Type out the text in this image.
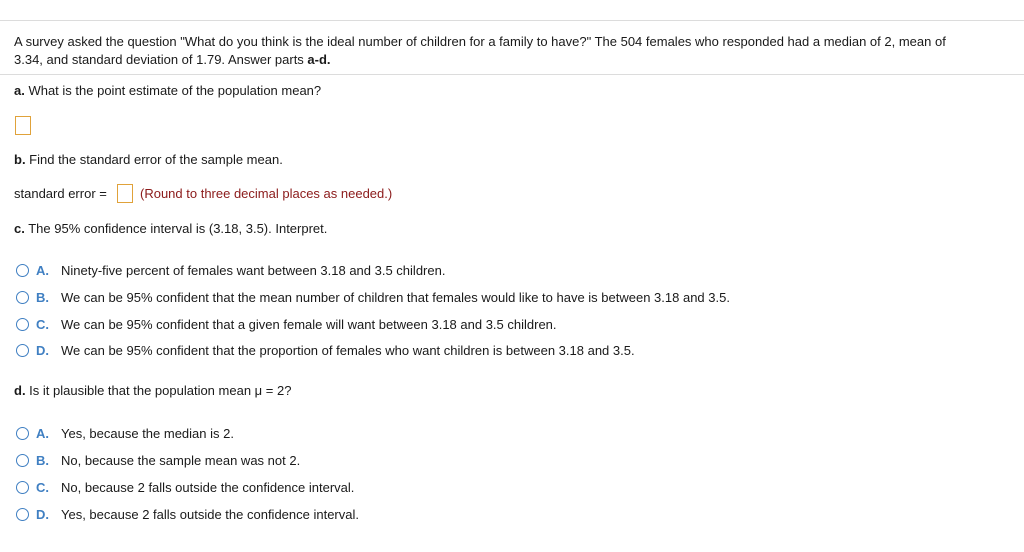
A survey asked the question "What do you think is the ideal number of children for a family to have?" The 504 females who responded had a median of 2, mean of
3.34, and standard deviation of 1.79. Answer parts a-d.
a. What is the point estimate of the population mean?
b. Find the standard error of the sample mean.
standard error =	(Round to three decimal places as needed.)
c. The 95% confidence interval is (3.18, 3.5). Interpret.
A. Ninety-five percent of females want between 3.18 and 3.5 children.
B. We can be 95% confident that the mean number of children that females would like to have is between 3.18 and 3.5.
C. We can be 95% confident that a given female will want between 3.18 and 3.5 children.
D. We can be 95% confident that the proportion of females who want children is between 3.18 and 3.5.
d. Is it plausible that the population mean μ = 2?
A. Yes, because the median is 2.
B. No, because the sample mean was not 2.
C. No, because 2 falls outside the confidence interval.
D. Yes, because 2 falls outside the confidence interval.
